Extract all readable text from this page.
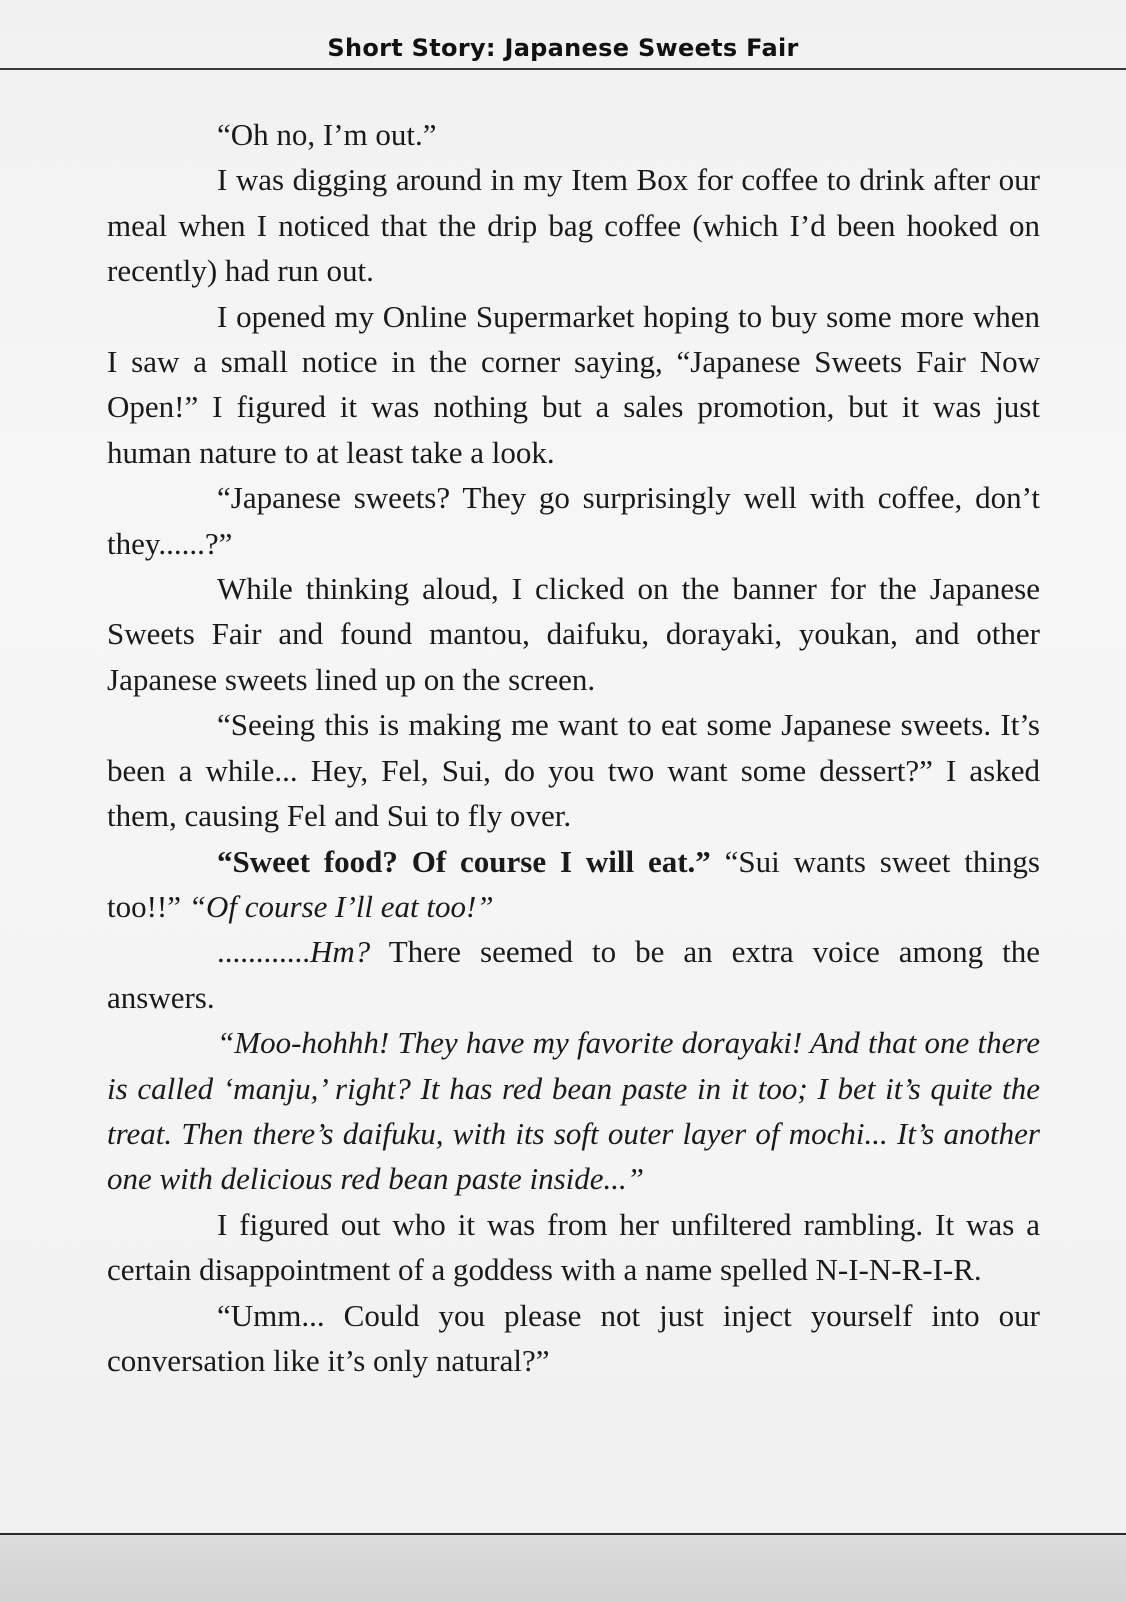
Short Story: Japanese Sweets Fair

“Oh no, I’m out.”

I was digging around in my Item Box for coffee to drink after our meal when I noticed that the drip bag coffee (which I’d been hooked on recently) had run out.

I opened my Online Supermarket hoping to buy some more when I saw a small notice in the corner saying, “Japanese Sweets Fair Now Open!” I figured it was nothing but a sales promotion, but it was just human nature to at least take a look.

“Japanese sweets? They go surprisingly well with coffee, don’t they......?”

While thinking aloud, I clicked on the banner for the Japanese Sweets Fair and found mantou, daifuku, dorayaki, youkan, and other Japanese sweets lined up on the screen.

“Seeing this is making me want to eat some Japanese sweets. It’s been a while... Hey, Fel, Sui, do you two want some dessert?” I asked them, causing Fel and Sui to fly over.

“Sweet food? Of course I will eat.” “Sui wants sweet things too!!” “Of course I’ll eat too!”

............Hm? There seemed to be an extra voice among the answers.

“Moo-hohhh! They have my favorite dorayaki! And that one there is called ‘manju,’ right? It has red bean paste in it too; I bet it’s quite the treat. Then there’s daifuku, with its soft outer layer of mochi... It’s another one with delicious red bean paste inside...”

I figured out who it was from her unfiltered rambling. It was a certain disappointment of a goddess with a name spelled N-I-N-R-I-R.

“Umm... Could you please not just inject yourself into our conversation like it’s only natural?”
